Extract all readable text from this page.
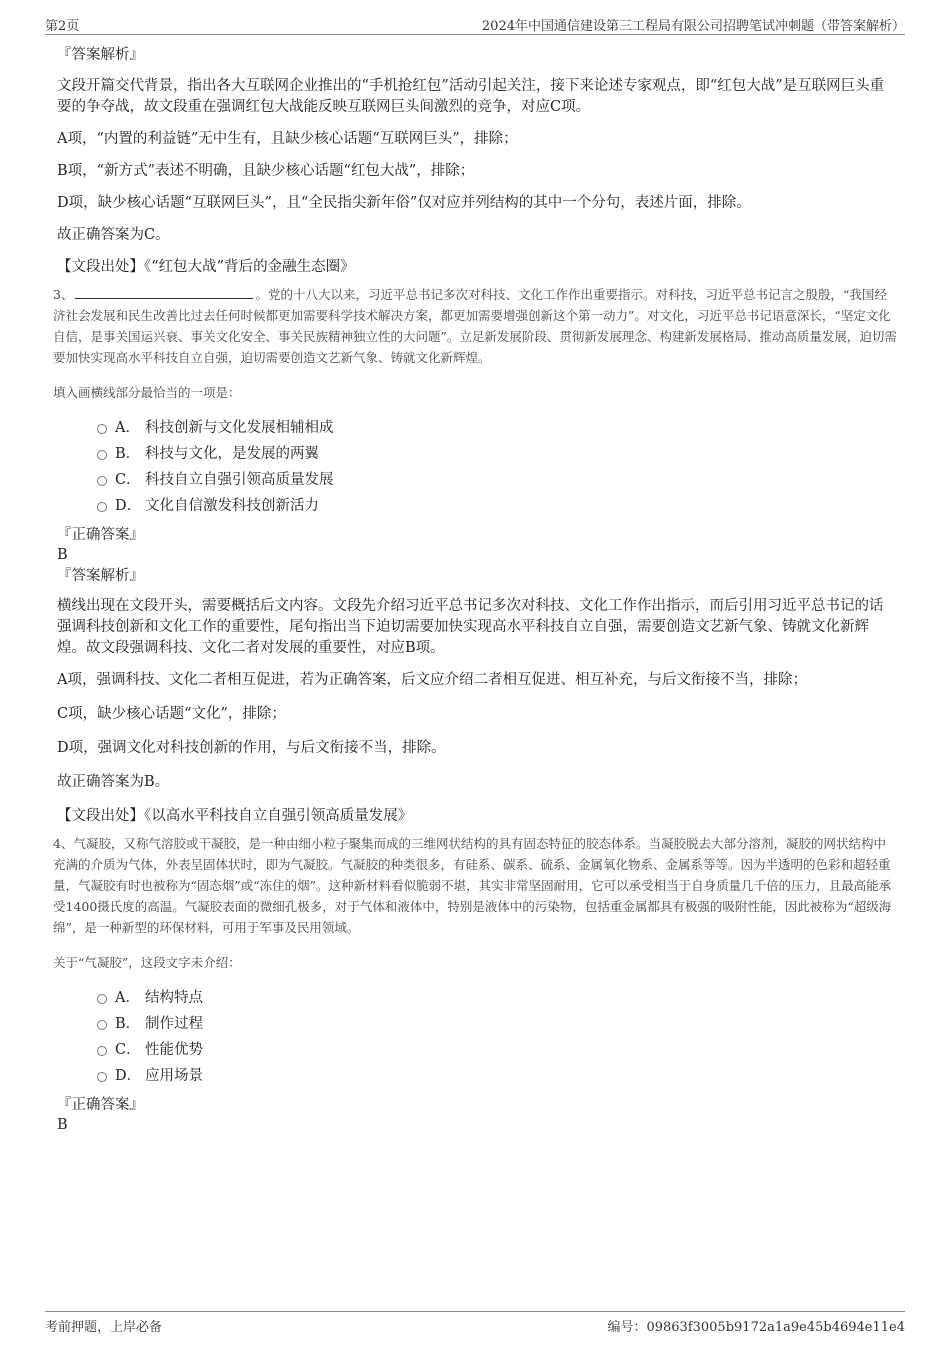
第2页	2024年中国通信建设第三工程局有限公司招聘笔试冲刺题（带答案解析）

『答案解析』

文段开篇交代背景，指出各大互联网企业推出的“手机抢红包”活动引起关注，接下来论述专家观点，即“红包大战”是互联网巨头重要的争夺战，故文段重在强调红包大战能反映互联网巨头间激烈的竞争，对应C项。

A项，“内置的利益链”无中生有，且缺少核心话题“互联网巨头”，排除；

B项，“新方式”表述不明确，且缺少核心话题“红包大战”，排除；

D项，缺少核心话题“互联网巨头”，且“全民指尖新年俗”仅对应并列结构的其中一个分句，表述片面，排除。

故正确答案为C。

【文段出处】《“红包大战”背后的金融生态圈》

3、	。党的十八大以来，习近平总书记多次对科技、文化工作作出重要指示。对科技，习近平总书记言之殷殷，“我国经济社会发展和民生改善比过去任何时候都更加需要科学技术解决方案，都更加需要增强创新这个第一动力”。对文化，习近平总书记语意深长，“坚定文化自信，是事关国运兴衰、事关文化安全、事关民族精神独立性的大问题”。立足新发展阶段、贯彻新发展理念、构建新发展格局、推动高质量发展，迫切需要加快实现高水平科技自立自强，迫切需要创造文艺新气象、铸就文化新辉煌。

填入画横线部分最恰当的一项是：

A． 科技创新与文化发展相辅相成
B． 科技与文化，是发展的两翼
C． 科技自立自强引领高质量发展
D． 文化自信激发科技创新活力

『正确答案』

B

『答案解析』

横线出现在文段开头，需要概括后文内容。文段先介绍习近平总书记多次对科技、文化工作作出指示，而后引用习近平总书记的话强调科技创新和文化工作的重要性，尾句指出当下迫切需要加快实现高水平科技自立自强，需要创造文艺新气象、铸就文化新辉煌。故文段强调科技、文化二者对发展的重要性，对应B项。

A项，强调科技、文化二者相互促进，若为正确答案，后文应介绍二者相互促进、相互补充，与后文衔接不当，排除；

C项，缺少核心话题“文化”，排除；

D项，强调文化对科技创新的作用，与后文衔接不当，排除。

故正确答案为B。

【文段出处】《以高水平科技自立自强引领高质量发展》

4、气凝胶，又称气溶胶或干凝胶，是一种由细小粒子聚集而成的三维网状结构的具有固态特征的胶态体系。当凝胶脱去大部分溶剂，凝胶的网状结构中充满的介质为气体，外表呈固体状时，即为气凝胶。气凝胶的种类很多，有硅系、碳系、硫系、金属氧化物系、金属系等等。因为半透明的色彩和超轻重量，气凝胶有时也被称为“固态烟”或“冻住的烟”。这种新材料看似脆弱不堪，其实非常坚固耐用，它可以承受相当于自身质量几千倍的压力，且最高能承受1400摄氏度的高温。气凝胶表面的微细孔极多，对于气体和液体中，特别是液体中的污染物，包括重金属都具有极强的吸附性能，因此被称为“超级海绵”，是一种新型的环保材料，可用于军事及民用领域。

关于“气凝胶”，这段文字未介绍：

A． 结构特点
B． 制作过程
C． 性能优势
D． 应用场景

『正确答案』

B

考前押题，上岸必备	编号：09863f3005b9172a1a9e45b4694e11e4
